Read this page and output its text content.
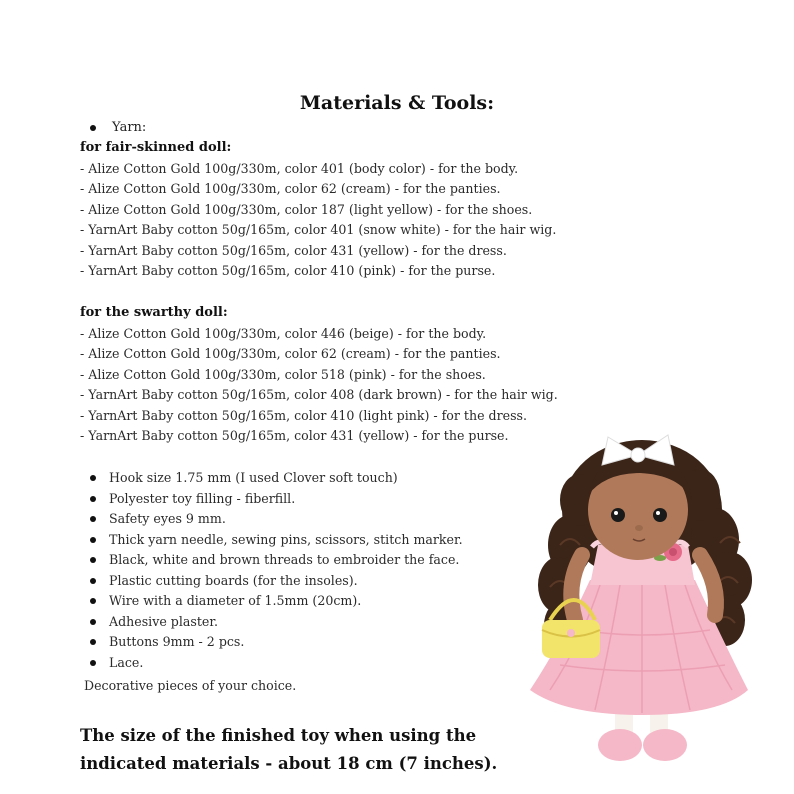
Materials & Tools:
Yarn:
for fair-skinned doll:
- Alize Cotton Gold 100g/330m, color 401 (body color) - for the body.
- Alize Cotton Gold 100g/330m, color 62 (cream) - for the panties.
- Alize Cotton Gold 100g/330m, color 187 (light yellow) - for the shoes.
- YarnArt Baby cotton 50g/165m, color 401 (snow white) - for the hair wig.
- YarnArt Baby cotton 50g/165m, color 431 (yellow) - for the dress.
- YarnArt Baby cotton 50g/165m, color 410 (pink) - for the purse.
for the swarthy doll:
- Alize Cotton Gold 100g/330m, color 446 (beige) - for the body.
- Alize Cotton Gold 100g/330m, color 62 (cream) - for the panties.
- Alize Cotton Gold 100g/330m, color 518 (pink) - for the shoes.
- YarnArt Baby cotton 50g/165m, color 408 (dark brown) - for the hair wig.
- YarnArt Baby cotton 50g/165m, color 410 (light pink) - for the dress.
- YarnArt Baby cotton 50g/165m, color 431 (yellow) - for the purse.
Hook size 1.75 mm (I used Clover soft touch)
Polyester toy filling - fiberfill.
Safety eyes 9 mm.
Thick yarn needle, sewing pins, scissors, stitch marker.
Black, white and brown threads to embroider the face.
Plastic cutting boards (for the insoles).
Wire with a diameter of 1.5mm (20cm).
Adhesive plaster.
Buttons 9mm - 2 pcs.
Lace.
Decorative pieces of your choice.
The size of the finished toy when using the indicated materials - about 18 cm (7 inches).
